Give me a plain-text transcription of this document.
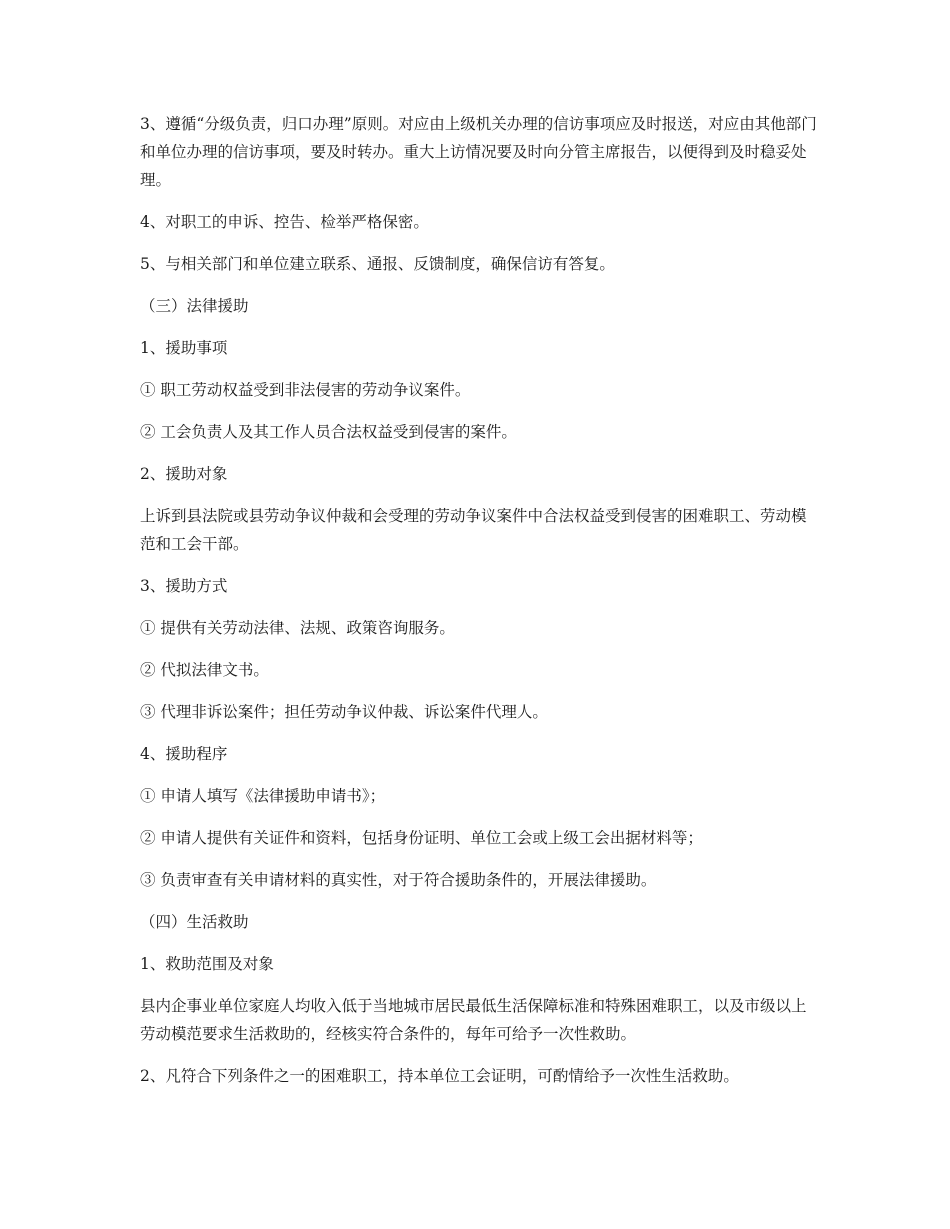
3、遵循“分级负责，归口办理”原则。对应由上级机关办理的信访事项应及时报送，对应由其他部门和单位办理的信访事项，要及时转办。重大上访情况要及时向分管主席报告，以便得到及时稳妥处理。

4、对职工的申诉、控告、检举严格保密。

5、与相关部门和单位建立联系、通报、反馈制度，确保信访有答复。

（三）法律援助

1、援助事项

① 职工劳动权益受到非法侵害的劳动争议案件。

② 工会负责人及其工作人员合法权益受到侵害的案件。

2、援助对象

上诉到县法院或县劳动争议仲裁和会受理的劳动争议案件中合法权益受到侵害的困难职工、劳动模范和工会干部。

3、援助方式

① 提供有关劳动法律、法规、政策咨询服务。

② 代拟法律文书。

③ 代理非诉讼案件；担任劳动争议仲裁、诉讼案件代理人。

4、援助程序

① 申请人填写《法律援助申请书》；

② 申请人提供有关证件和资料，包括身份证明、单位工会或上级工会出据材料等；

③ 负责审查有关申请材料的真实性，对于符合援助条件的，开展法律援助。

（四）生活救助

1、救助范围及对象

县内企事业单位家庭人均收入低于当地城市居民最低生活保障标准和特殊困难职工，以及市级以上劳动模范要求生活救助的，经核实符合条件的，每年可给予一次性救助。

2、凡符合下列条件之一的困难职工，持本单位工会证明，可酌情给予一次性生活救助。
